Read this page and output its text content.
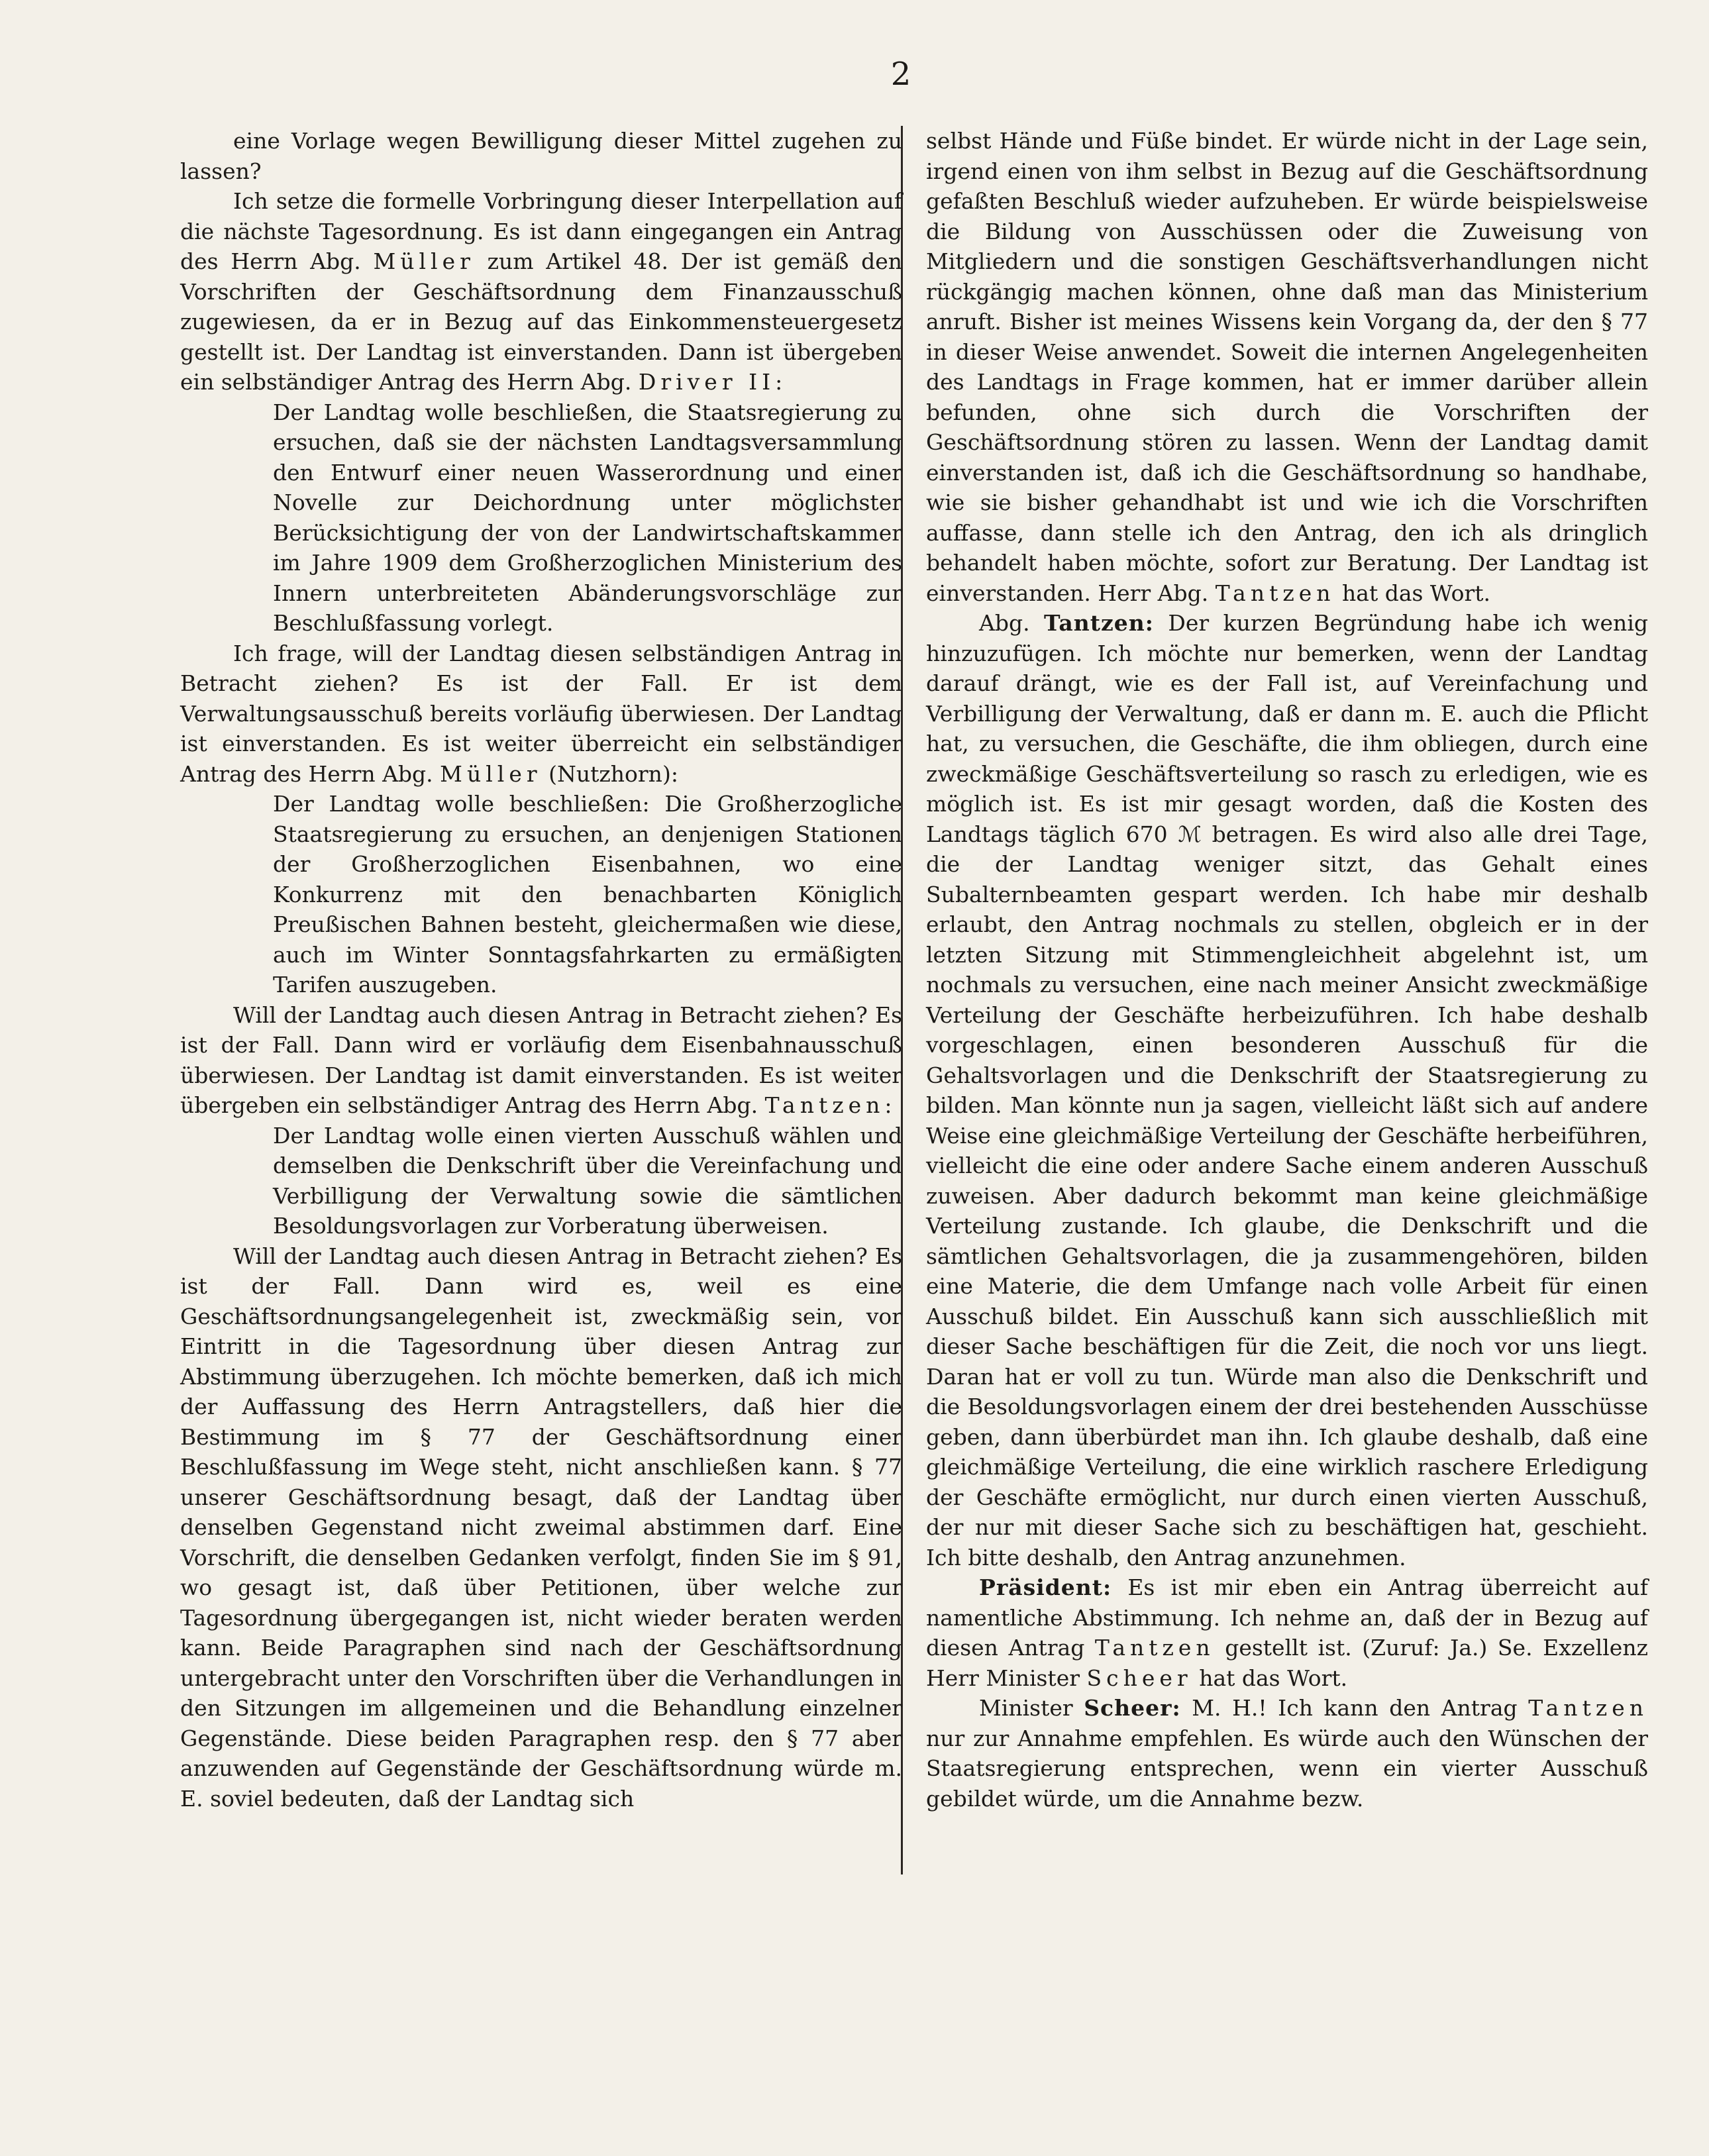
2

eine Vorlage wegen Bewilligung dieser Mittel zugehen zu lassen?

Ich setze die formelle Vorbringung dieser Interpellation auf die nächste Tagesordnung. Es ist dann eingegangen ein Antrag des Herrn Abg. Müller zum Artikel 48. Der ist gemäß den Vorschriften der Geschäftsordnung dem Finanzausschuß zugewiesen, da er in Bezug auf das Einkommensteuergesetz gestellt ist. Der Landtag ist einverstanden. Dann ist übergeben ein selbständiger Antrag des Herrn Abg. Driver II:

Der Landtag wolle beschließen, die Staatsregierung zu ersuchen, daß sie der nächsten Landtagsversammlung den Entwurf einer neuen Wasserordnung und einer Novelle zur Deichordnung unter möglichster Berücksichtigung der von der Landwirtschaftskammer im Jahre 1909 dem Großherzoglichen Ministerium des Innern unterbreiteten Abänderungsvorschläge zur Beschlußfassung vorlegt.

Ich frage, will der Landtag diesen selbständigen Antrag in Betracht ziehen? Es ist der Fall. Er ist dem Verwaltungsausschuß bereits vorläufig überwiesen. Der Landtag ist einverstanden. Es ist weiter überreicht ein selbständiger Antrag des Herrn Abg. Müller (Nutzhorn):

Der Landtag wolle beschließen: Die Großherzogliche Staatsregierung zu ersuchen, an denjenigen Stationen der Großherzoglichen Eisenbahnen, wo eine Konkurrenz mit den benachbarten Königlich Preußischen Bahnen besteht, gleichermaßen wie diese, auch im Winter Sonntagsfahrkarten zu ermäßigten Tarifen auszugeben.

Will der Landtag auch diesen Antrag in Betracht ziehen? Es ist der Fall. Dann wird er vorläufig dem Eisenbahnausschuß überwiesen. Der Landtag ist damit einverstanden. Es ist weiter übergeben ein selbständiger Antrag des Herrn Abg. Tantzen:

Der Landtag wolle einen vierten Ausschuß wählen und demselben die Denkschrift über die Vereinfachung und Verbilligung der Verwaltung sowie die sämtlichen Besoldungsvorlagen zur Vorberatung überweisen.

Will der Landtag auch diesen Antrag in Betracht ziehen? Es ist der Fall. Dann wird es, weil es eine Geschäftsordnungsangelegenheit ist, zweckmäßig sein, vor Eintritt in die Tagesordnung über diesen Antrag zur Abstimmung überzugehen. Ich möchte bemerken, daß ich mich der Auffassung des Herrn Antragstellers, daß hier die Bestimmung im § 77 der Geschäftsordnung einer Beschlußfassung im Wege steht, nicht anschließen kann. § 77 unserer Geschäftsordnung besagt, daß der Landtag über denselben Gegenstand nicht zweimal abstimmen darf. Eine Vorschrift, die denselben Gedanken verfolgt, finden Sie im § 91, wo gesagt ist, daß über Petitionen, über welche zur Tagesordnung übergegangen ist, nicht wieder beraten werden kann. Beide Paragraphen sind nach der Geschäftsordnung untergebracht unter den Vorschriften über die Verhandlungen in den Sitzungen im allgemeinen und die Behandlung einzelner Gegenstände. Diese beiden Paragraphen resp. den § 77 aber anzuwenden auf Gegenstände der Geschäftsordnung würde m. E. soviel bedeuten, daß der Landtag sich

selbst Hände und Füße bindet. Er würde nicht in der Lage sein, irgend einen von ihm selbst in Bezug auf die Geschäftsordnung gefaßten Beschluß wieder aufzuheben. Er würde beispielsweise die Bildung von Ausschüssen oder die Zuweisung von Mitgliedern und die sonstigen Geschäftsverhandlungen nicht rückgängig machen können, ohne daß man das Ministerium anruft. Bisher ist meines Wissens kein Vorgang da, der den § 77 in dieser Weise anwendet. Soweit die internen Angelegenheiten des Landtags in Frage kommen, hat er immer darüber allein befunden, ohne sich durch die Vorschriften der Geschäftsordnung stören zu lassen. Wenn der Landtag damit einverstanden ist, daß ich die Geschäftsordnung so handhabe, wie sie bisher gehandhabt ist und wie ich die Vorschriften auffasse, dann stelle ich den Antrag, den ich als dringlich behandelt haben möchte, sofort zur Beratung. Der Landtag ist einverstanden. Herr Abg. Tantzen hat das Wort.

Abg. Tantzen: Der kurzen Begründung habe ich wenig hinzuzufügen. Ich möchte nur bemerken, wenn der Landtag darauf drängt, wie es der Fall ist, auf Vereinfachung und Verbilligung der Verwaltung, daß er dann m. E. auch die Pflicht hat, zu versuchen, die Geschäfte, die ihm obliegen, durch eine zweckmäßige Geschäftsverteilung so rasch zu erledigen, wie es möglich ist. Es ist mir gesagt worden, daß die Kosten des Landtags täglich 670 ℳ betragen. Es wird also alle drei Tage, die der Landtag weniger sitzt, das Gehalt eines Subalternbeamten gespart werden. Ich habe mir deshalb erlaubt, den Antrag nochmals zu stellen, obgleich er in der letzten Sitzung mit Stimmengleichheit abgelehnt ist, um nochmals zu versuchen, eine nach meiner Ansicht zweckmäßige Verteilung der Geschäfte herbeizuführen. Ich habe deshalb vorgeschlagen, einen besonderen Ausschuß für die Gehaltsvorlagen und die Denkschrift der Staatsregierung zu bilden. Man könnte nun ja sagen, vielleicht läßt sich auf andere Weise eine gleichmäßige Verteilung der Geschäfte herbeiführen, vielleicht die eine oder andere Sache einem anderen Ausschuß zuweisen. Aber dadurch bekommt man keine gleichmäßige Verteilung zustande. Ich glaube, die Denkschrift und die sämtlichen Gehaltsvorlagen, die ja zusammengehören, bilden eine Materie, die dem Umfange nach volle Arbeit für einen Ausschuß bildet. Ein Ausschuß kann sich ausschließlich mit dieser Sache beschäftigen für die Zeit, die noch vor uns liegt. Daran hat er voll zu tun. Würde man also die Denkschrift und die Besoldungsvorlagen einem der drei bestehenden Ausschüsse geben, dann überbürdet man ihn. Ich glaube deshalb, daß eine gleichmäßige Verteilung, die eine wirklich raschere Erledigung der Geschäfte ermöglicht, nur durch einen vierten Ausschuß, der nur mit dieser Sache sich zu beschäftigen hat, geschieht. Ich bitte deshalb, den Antrag anzunehmen.

Präsident: Es ist mir eben ein Antrag überreicht auf namentliche Abstimmung. Ich nehme an, daß der in Bezug auf diesen Antrag Tantzen gestellt ist. (Zuruf: Ja.) Se. Exzellenz Herr Minister Scheer hat das Wort.

Minister Scheer: M. H.! Ich kann den Antrag Tantzen nur zur Annahme empfehlen. Es würde auch den Wünschen der Staatsregierung entsprechen, wenn ein vierter Ausschuß gebildet würde, um die Annahme bezw.
